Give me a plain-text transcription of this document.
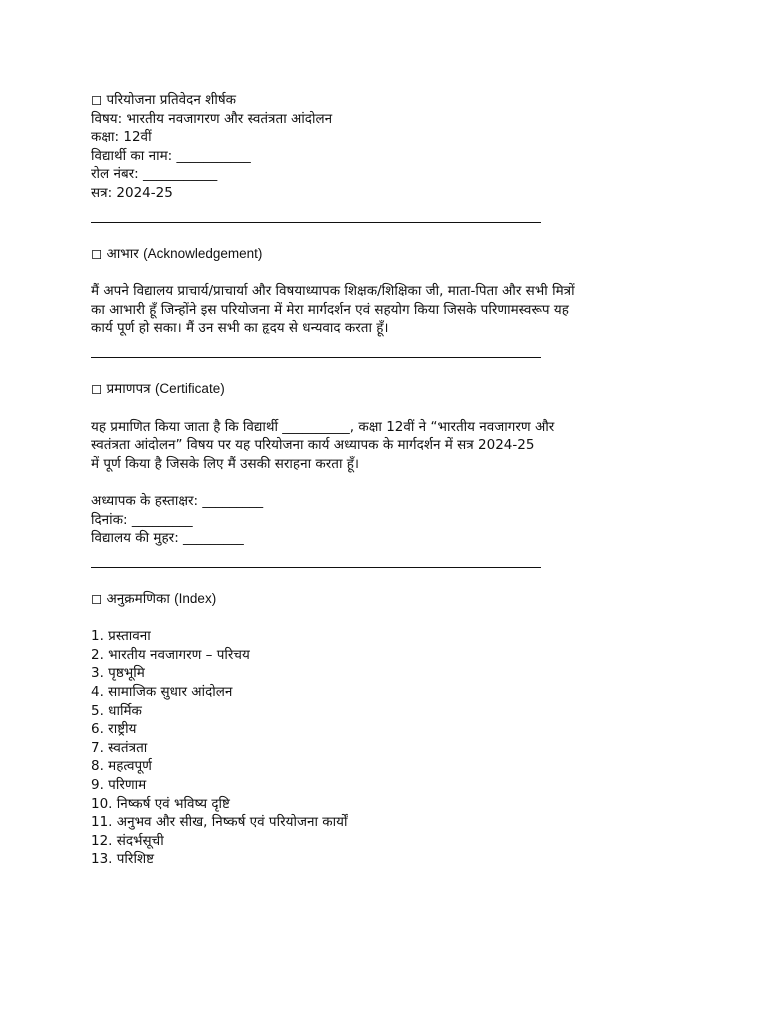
◻ परियोजना प्रतिवेदन शीर्षक
विषय: भारतीय नवजागरण और स्वतंत्रता आंदोलन
कक्षा: 12वीं
विद्यार्थी का नाम: ___________
रोल नंबर: ___________
सत्र: 2024-25
◻ आभार (Acknowledgement)
मैं अपने विद्यालय प्राचार्य/प्राचार्या और विषयाध्यापक शिक्षक/शिक्षिका जी, माता-पिता और सभी मित्रों
का आभारी हूँ जिन्होंने इस परियोजना में मेरा मार्गदर्शन एवं सहयोग किया जिसके परिणामस्वरूप यह
कार्य पूर्ण हो सका। मैं उन सभी का हृदय से धन्यवाद करता हूँ।
◻ प्रमाणपत्र (Certificate)
यह प्रमाणित किया जाता है कि विद्यार्थी __________, कक्षा 12वीं ने “भारतीय नवजागरण और
स्वतंत्रता आंदोलन” विषय पर यह परियोजना कार्य अध्यापक के मार्गदर्शन में सत्र 2024-25
में पूर्ण किया है जिसके लिए मैं उसकी सराहना करता हूँ।
अध्यापक के हस्ताक्षर: _________
दिनांक: _________
विद्यालय की मुहर: _________
◻ अनुक्रमणिका (Index)
1. प्रस्तावना
2. भारतीय नवजागरण – परिचय
3. पृष्ठभूमि
4. सामाजिक सुधार आंदोलन
5. धार्मिक
6. राष्ट्रीय
7. स्वतंत्रता
8. महत्वपूर्ण
9. परिणाम
10. निष्कर्ष एवं भविष्य दृष्टि
11. अनुभव और सीख, निष्कर्ष एवं परियोजना कार्यों
12. संदर्भसूची
13. परिशिष्ट
